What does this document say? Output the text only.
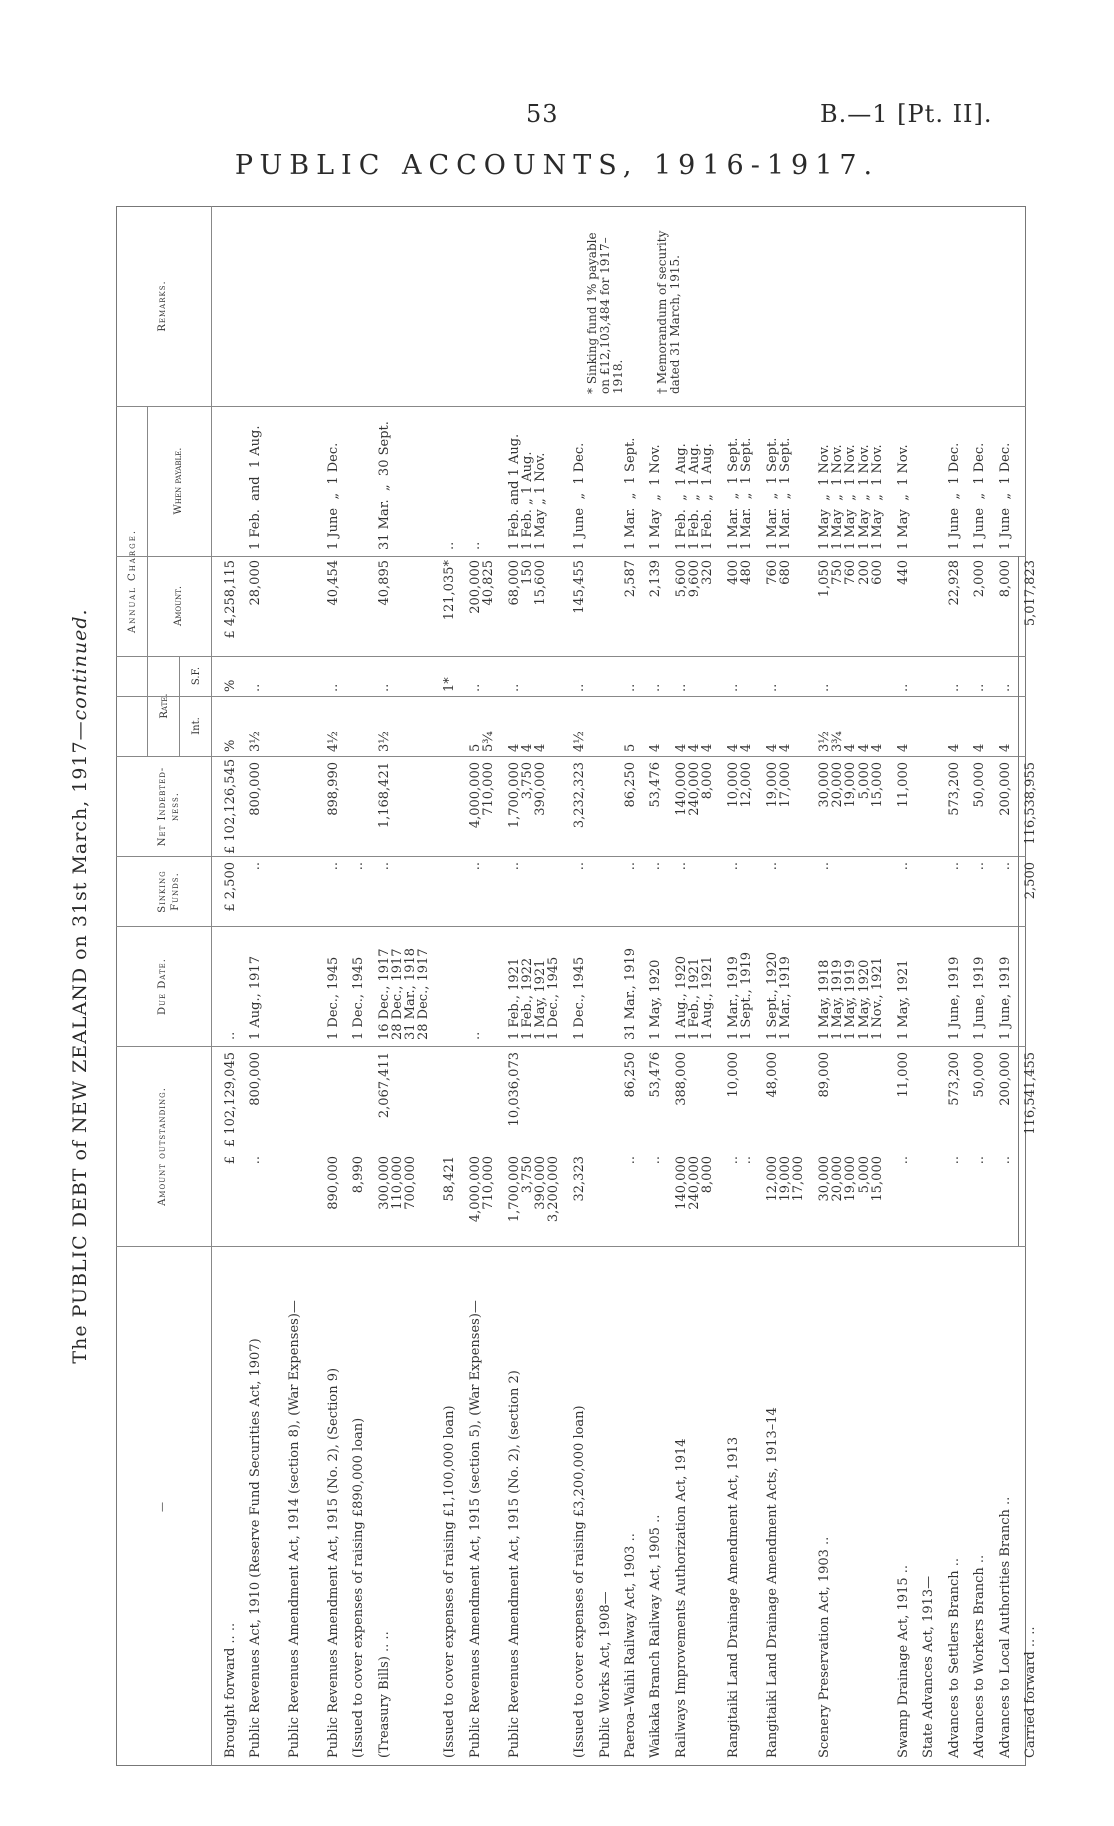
53	B.—1 [Pt. II].
PUBLIC ACCOUNTS, 1916-1917.
The PUBLIC DEBT of NEW ZEALAND on 31st March, 1917—continued.
—
Amount outstanding.
Due Date.
Sinking Funds.
Net Indebted- ness.
Remarks.
Annual Charge.
Rate.
Int.
S.F.
Amount.
When payable.
Brought forward .. ..
£
£ 102,129,045
..
£ 2,500
£ 102,126,545
%
%
£ 4,258,115
Public Revenues Act, 1910 (Reserve Fund Securities Act, 1907)
..
800,000
1 Aug., 1917
..
800,000
3½
..
28,000
1 Feb.  and  1 Aug.
Public Revenues Amendment Act, 1914 (section 8), (War Expenses)— Public Revenues Amendment Act, 1915 (No. 2), (Section 9)
890,000
1 Dec., 1945
..
898,990
4½
..
40,454
1 June  „  1 Dec.
(Issued to cover expenses of raising £890,000 loan)
8,990
1 Dec., 1945
..
(Treasury Bills) .. ..
300,000
110,000
700,000
2,067,411
16 Dec., 1917
28 Dec., 1917
31 Mar., 1918
28 Dec., 1917
..
1,168,421
3½
..
40,895
31 Mar.  „  30 Sept.
(Issued to cover expenses of raising £1,100,000 loan)
58,421
1*
121,035*
..
Public Revenues Amendment Act, 1915 (section 5), (War Expenses)—
4,000,000
710,000
..
..
4,000,000
710,000
5
5¾
..
200,000
40,825
..
Public Revenues Amendment Act, 1915 (No. 2), (section 2)
1,700,000
3,750
390,000
3,200,000
10,036,073
1 Feb., 1921
1 Feb., 1922
1 May, 1921
1 Dec., 1945
..
1,700,000
3,750
390,000
4
4
4
..
68,000
150
15,600
1 Feb. and 1 Aug.
1 Feb. „ 1 Aug.
1 May „ 1 Nov.
(Issued to cover expenses of raising £3,200,000 loan)
32,323
1 Dec., 1945
..
3,232,323
4½
..
145,455
1 June  „  1 Dec.
Public Works Act, 1908— Paeroa–Waihi Railway Act, 1903 ..
..
86,250
31 Mar., 1919
..
86,250
5
..
2,587
1 Mar.  „  1 Sept.
Waikaka Branch Railway Act, 1905 ..
..
53,476
1 May, 1920
..
53,476
4
..
2,139
1 May  „  1 Nov.
Railways Improvements Authorization Act, 1914
140,000
240,000
8,000
388,000
1 Aug., 1920
1 Feb., 1921
1 Aug., 1921
..
140,000
240,000
8,000
4
4
4
..
5,600
9,600
320
1 Feb.  „  1 Aug.
1 Feb.  „  1 Aug.
1 Feb.  „  1 Aug.
Rangitaiki Land Drainage Amendment Act, 1913
..
..
10,000
1 Mar., 1919
1 Sept., 1919
..
10,000
12,000
4
4
..
400
480
1 Mar.  „  1 Sept.
1 Mar.  „  1 Sept.
Rangitaiki Land Drainage Amendment Acts, 1913–14
12,000
19,000
17,000
48,000
1 Sept., 1920
1 Mar., 1919
..
19,000
17,000
4
4
..
760
680
1 Mar.  „  1 Sept.
1 Mar.  „  1 Sept.
Scenery Preservation Act, 1903 ..
30,000
20,000
19,000
5,000
15,000
89,000
1 May, 1918
1 May, 1919
1 May, 1919
1 May, 1920
1 Nov., 1921
..
30,000
20,000
19,000
5,000
15,000
3½
3¾
4
4
4
..
1,050
750
760
200
600
1 May  „  1 Nov.
1 May  „  1 Nov.
1 May  „  1 Nov.
1 May  „  1 Nov.
1 May  „  1 Nov.
Swamp Drainage Act, 1915 ..
..
11,000
1 May, 1921
..
11,000
4
..
440
1 May  „  1 Nov.
State Advances Act, 1913— Advances to Settlers Branch ..
..
573,200
1 June, 1919
..
573,200
4
..
22,928
1 June  „  1 Dec.
Advances to Workers Branch ..
..
50,000
1 June, 1919
..
50,000
4
..
2,000
1 June  „  1 Dec.
Advances to Local Authorities Branch ..
..
200,000
1 June, 1919
..
200,000
4
..
8,000
1 June  „  1 Dec.
Carried forward .. ..
116,541,455
2,500
116,538,955
5,017,823
* Sinking fund 1% payable on £12,103,484 for 1917–1918. † Memorandum of security dated 31 March, 1915.
